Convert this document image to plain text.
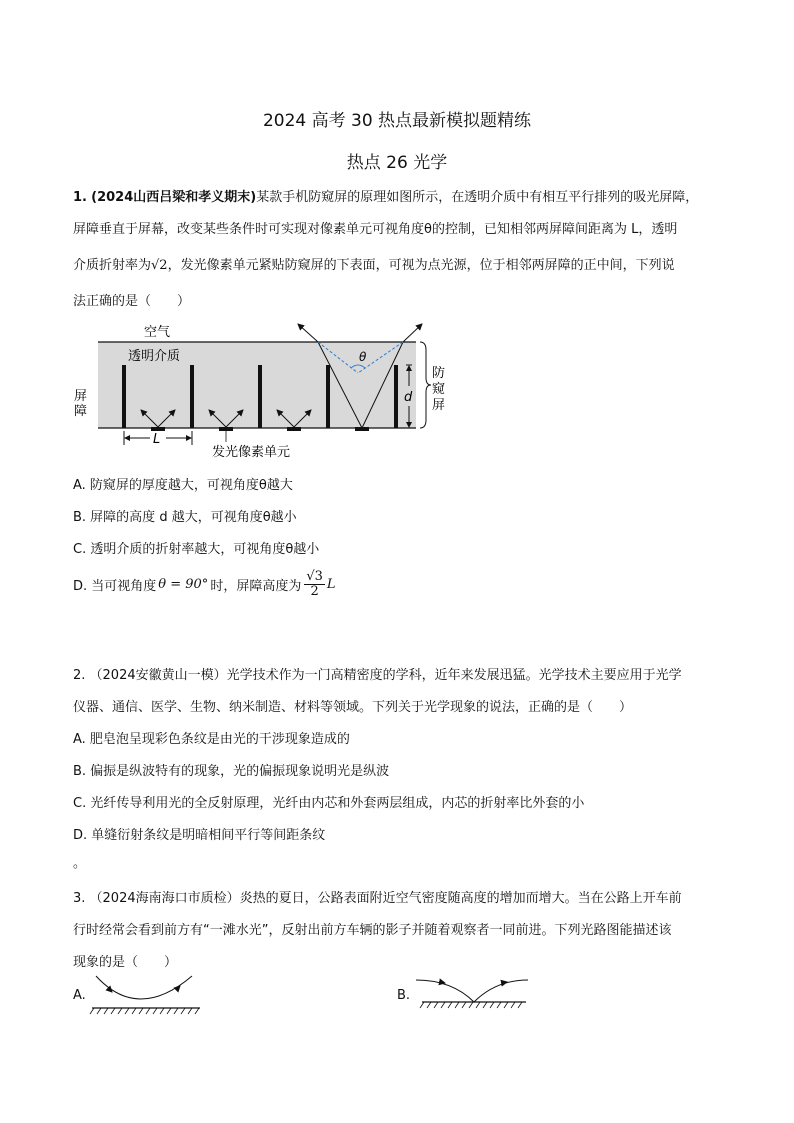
2024 高考 30 热点最新模拟题精练
热点 26 光学
1. (2024山西吕梁和孝义期末)某款手机防窥屏的原理如图所示，在透明介质中有相互平行排列的吸光屏障，
屏障垂直于屏幕，改变某些条件时可实现对像素单元可视角度θ的控制，已知相邻两屏障间距离为 L，透明
介质折射率为√2，发光像素单元紧贴防窥屏的下表面，可视为点光源，位于相邻两屏障的正中间，下列说
法正确的是（　　）
θ
d
防
窥
屏
空气
透明介质
屏
障
L
发光像素单元
A. 防窥屏的厚度越大，可视角度θ越大
B. 屏障的高度 d 越大，可视角度θ越小
C. 透明介质的折射率越大，可视角度θ越小
D. 当可视角度 θ = 90° 时，屏障高度为 $\frac{√3}{2}$ L
2. （2024安徽黄山一模）光学技术作为一门高精密度的学科，近年来发展迅猛。光学技术主要应用于光学
仪器、通信、医学、生物、纳米制造、材料等领域。下列关于光学现象的说法，正确的是（　　）
A. 肥皂泡呈现彩色条纹是由光的干涉现象造成的
B. 偏振是纵波特有的现象，光的偏振现象说明光是纵波
C. 光纤传导利用光的全反射原理，光纤由内芯和外套两层组成，内芯的折射率比外套的小
D. 单缝衍射条纹是明暗相间平行等间距条纹
。
3. （2024海南海口市质检）炎热的夏日，公路表面附近空气密度随高度的增加而增大。当在公路上开车前
行时经常会看到前方有“一滩水光”，反射出前方车辆的影子并随着观察者一同前进。下列光路图能描述该
现象的是（　　）
A.	B.
